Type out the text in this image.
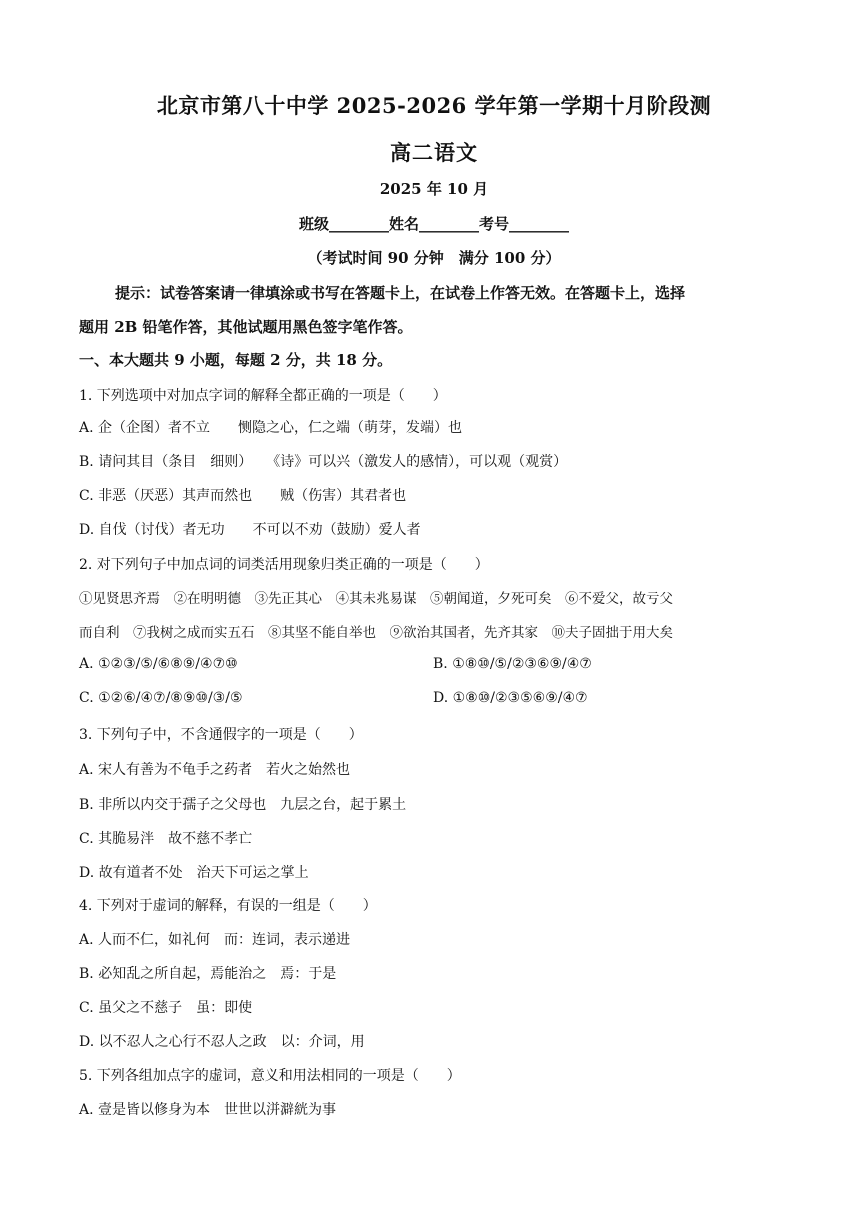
北京市第八十中学 2025-2026 学年第一学期十月阶段测
高二语文
2025 年 10 月
班级________姓名________考号________
（考试时间 90 分钟　满分 100 分）
提示：试卷答案请一律填涂或书写在答题卡上，在试卷上作答无效。在答题卡上，选择
题用 2B 铅笔作答，其他试题用黑色签字笔作答。
一、本大题共 9 小题，每题 2 分，共 18 分。
1. 下列选项中对加点字词的解释全都正确的一项是（　　）
A. 企（企图）者不立　　恻隐之心，仁之端（萌芽，发端）也
B. 请问其目（条目　细则）　　《诗》可以兴（激发人的感情），可以观（观赏）
C. 非恶（厌恶）其声而然也　　贼（伤害）其君者也
D. 自伐（讨伐）者无功　　不可以不劝（鼓励）爱人者
2. 对下列句子中加点词的词类活用现象归类正确的一项是（　　）
①见贤思齐焉　②在明明德　③先正其心　④其未兆易谋　⑤朝闻道，夕死可矣　⑥不爱父，故亏父
而自利　⑦我树之成而实五石　⑧其坚不能自举也　⑨欲治其国者，先齐其家　⑩夫子固拙于用大矣
A. ①②③/⑤/⑥⑧⑨/④⑦⑩	B. ①⑧⑩/⑤/②③⑥⑨/④⑦
C. ①②⑥/④⑦/⑧⑨⑩/③/⑤	D. ①⑧⑩/②③⑤⑥⑨/④⑦
3. 下列句子中，不含通假字的一项是（　　）
A. 宋人有善为不龟手之药者　若火之始然也
B. 非所以内交于孺子之父母也　九层之台，起于累土
C. 其脆易泮　故不慈不孝亡
D. 故有道者不处　治天下可运之掌上
4. 下列对于虚词的解释，有误的一组是（　　）
A. 人而不仁，如礼何　而：连词，表示递进
B. 必知乱之所自起，焉能治之　焉：于是
C. 虽父之不慈子　虽：即使
D. 以不忍人之心行不忍人之政　以：介词，用
5. 下列各组加点字的虚词，意义和用法相同的一项是（　　）
A. 壹是皆以修身为本　世世以洴澼絖为事
